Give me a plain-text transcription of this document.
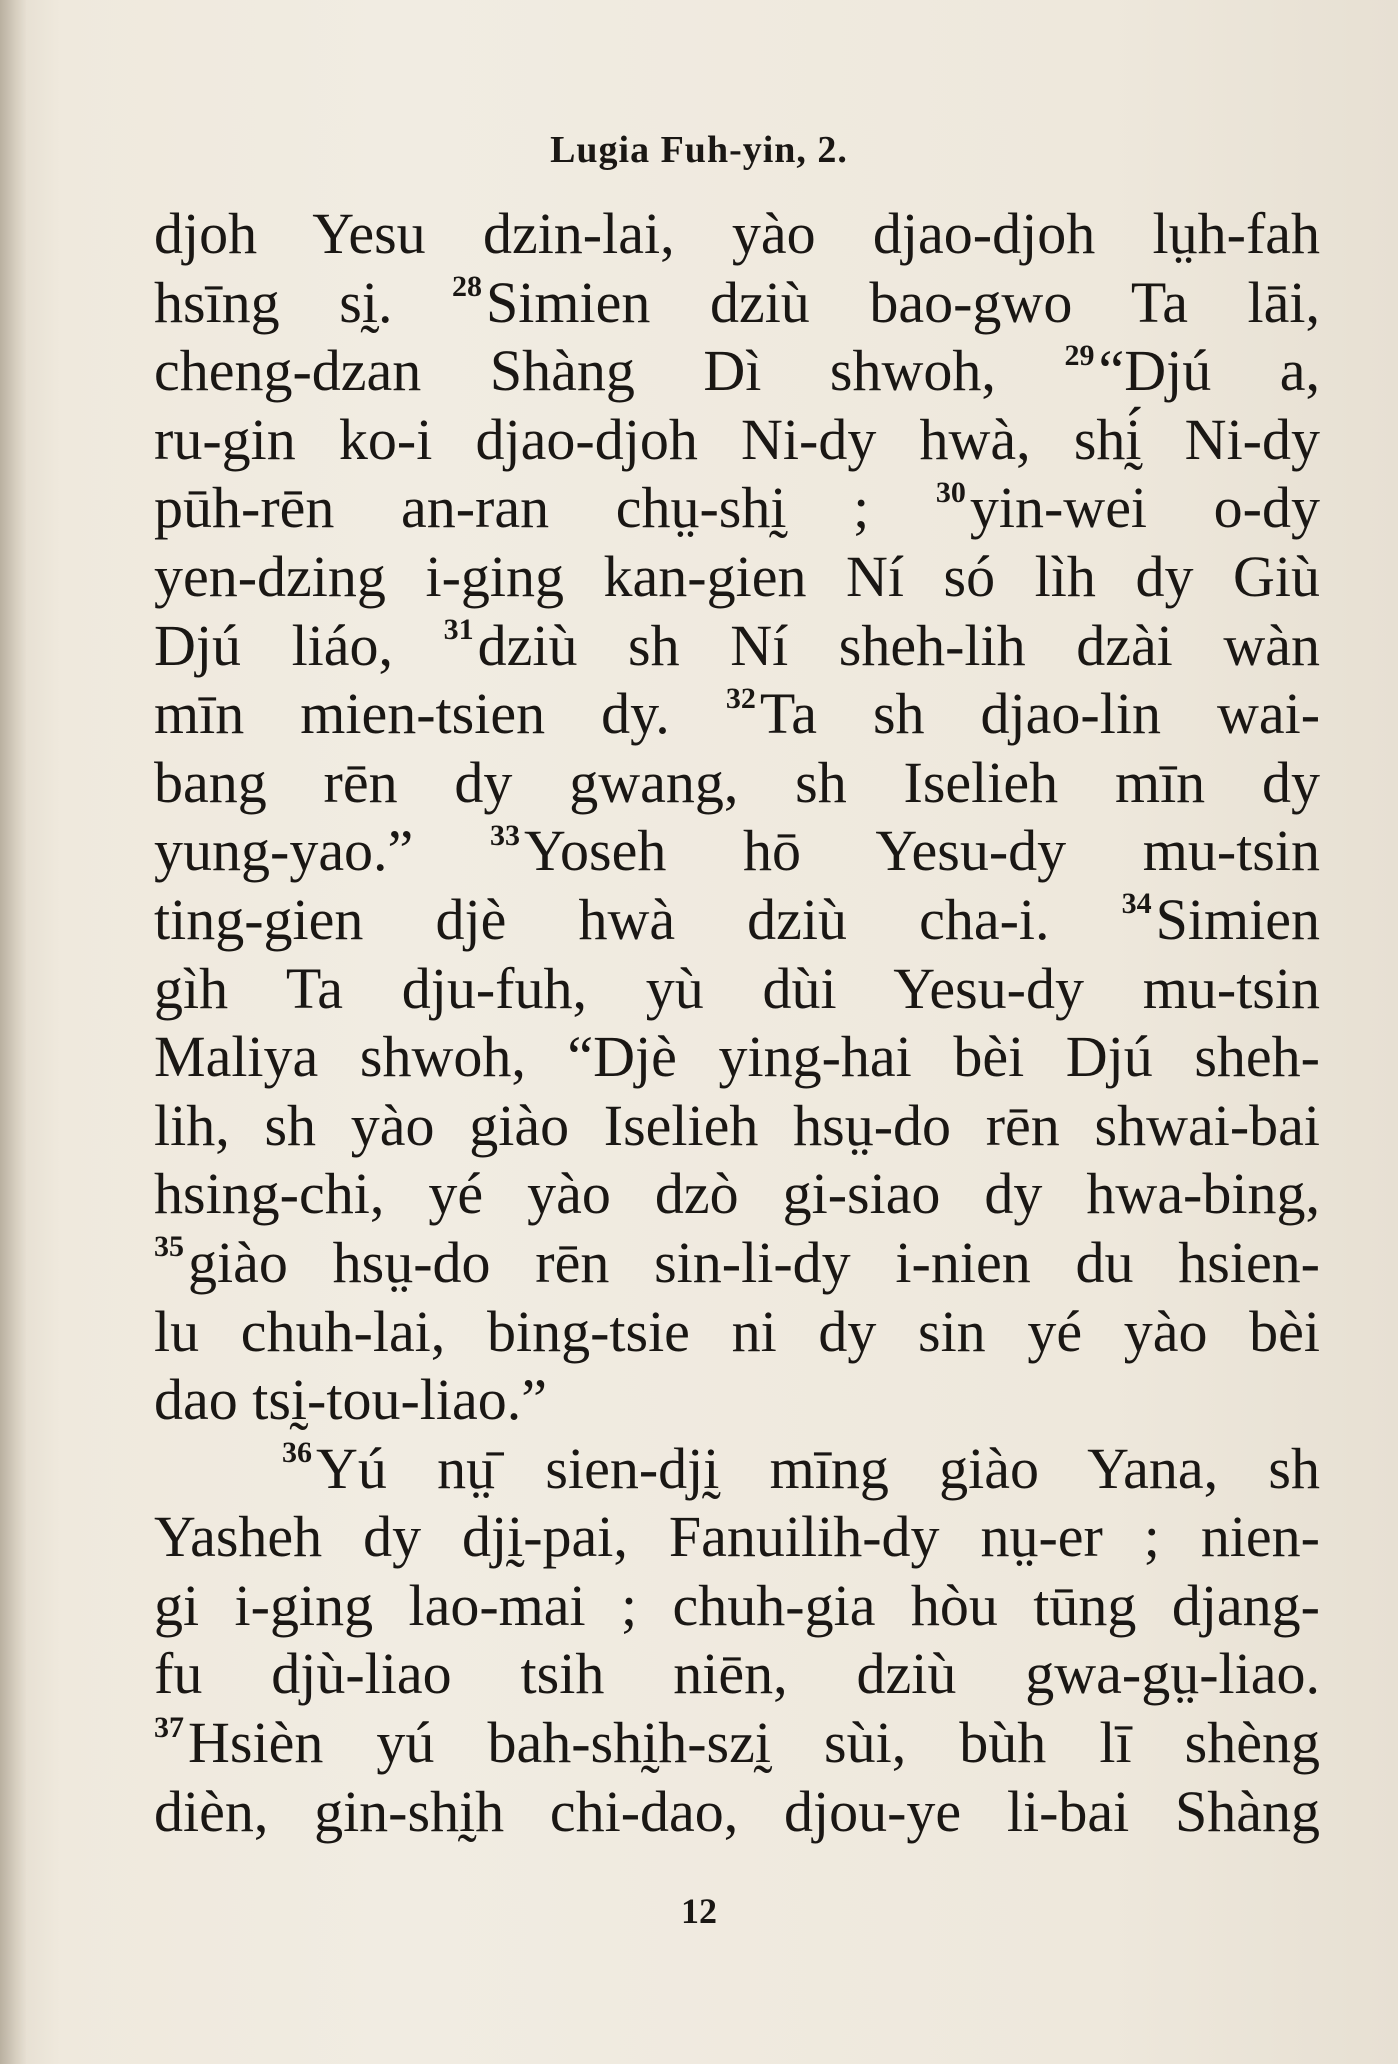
Lugia Fuh-yin, 2.
djoh Yesu dzin-lai, yào djao-djoh lṳh-fah
hsīng sḭ. $^{28}$Simien dziù bao-gwo Ta lāi,
cheng-dzan Shàng Dì shwoh, $^{29}$“Djú a,
ru-gin ko-i djao-djoh Ni-dy hwà, shḭ́ Ni-dy
pūh-rēn an-ran chṳ-shḭ ; $^{30}$yin-wei o-dy
yen-dzing i-ging kan-gien Ní só lìh dy Giù
Djú liáo, $^{31}$dziù sh Ní sheh-lih dzài wàn
mīn mien-tsien dy. $^{32}$Ta sh djao-lin wai-
bang rēn dy gwang, sh Iselieh mīn dy
yung-yao.”	$^{33}$Yoseh hō Yesu-dy mu-tsin
ting-gien djè hwà dziù cha-i. $^{34}$Simien
gìh Ta dju-fuh, yù dùi Yesu-dy mu-tsin
Maliya shwoh, “Djè ying-hai bèi Djú sheh-
lih, sh yào giào Iselieh hsṳ-do rēn shwai-bai
hsing-chi, yé yào dzò gi-siao dy hwa-bing,
$^{35}$giào hsṳ-do rēn sin-li-dy i-nien du hsien-
lu chuh-lai, bing-tsie ni dy sin yé yào bèi
dao tsḭ-tou-liao.”
$^{36}$Yú nṳ̄ sien-djḭ mīng giào Yana, sh
Yasheh dy djḭ-pai, Fanuilih-dy nṳ-er ; nien-
gi i-ging lao-mai ; chuh-gia hòu tūng djang-
fu djù-liao tsih niēn, dziù gwa-gṳ-liao.
$^{37}$Hsièn yú bah-shḭh-szḭ sùi, bùh lī shèng
dièn, gin-shḭh chi-dao, djou-ye li-bai Shàng
12
